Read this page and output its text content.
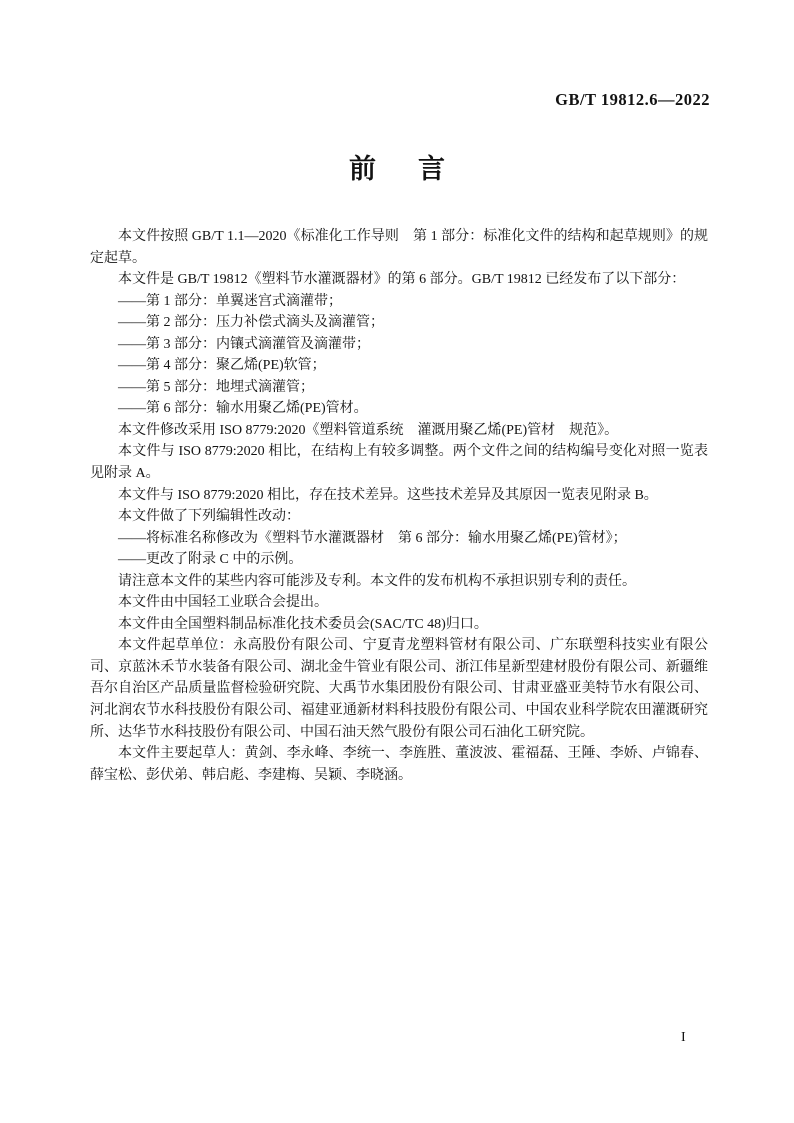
GB/T 19812.6—2022
前 言

本文件按照 GB/T 1.1—2020《标准化工作导则　第 1 部分：标准化文件的结构和起草规则》的规定起草。

本文件是 GB/T 19812《塑料节水灌溉器材》的第 6 部分。GB/T 19812 已经发布了以下部分：

——第 1 部分：单翼迷宫式滴灌带；

——第 2 部分：压力补偿式滴头及滴灌管；

——第 3 部分：内镶式滴灌管及滴灌带；

——第 4 部分：聚乙烯(PE)软管；

——第 5 部分：地埋式滴灌管；

——第 6 部分：输水用聚乙烯(PE)管材。

本文件修改采用 ISO 8779:2020《塑料管道系统　灌溉用聚乙烯(PE)管材　规范》。

本文件与 ISO 8779:2020 相比，在结构上有较多调整。两个文件之间的结构编号变化对照一览表见附录 A。

本文件与 ISO 8779:2020 相比，存在技术差异。这些技术差异及其原因一览表见附录 B。

本文件做了下列编辑性改动：

——将标准名称修改为《塑料节水灌溉器材　第 6 部分：输水用聚乙烯(PE)管材》；

——更改了附录 C 中的示例。

请注意本文件的某些内容可能涉及专利。本文件的发布机构不承担识别专利的责任。

本文件由中国轻工业联合会提出。

本文件由全国塑料制品标准化技术委员会(SAC/TC 48)归口。

本文件起草单位：永高股份有限公司、宁夏青龙塑料管材有限公司、广东联塑科技实业有限公司、京蓝沐禾节水装备有限公司、湖北金牛管业有限公司、浙江伟星新型建材股份有限公司、新疆维吾尔自治区产品质量监督检验研究院、大禹节水集团股份有限公司、甘肃亚盛亚美特节水有限公司、河北润农节水科技股份有限公司、福建亚通新材料科技股份有限公司、中国农业科学院农田灌溉研究所、达华节水科技股份有限公司、中国石油天然气股份有限公司石油化工研究院。

本文件主要起草人：黄剑、李永峰、李统一、李旌胜、董波波、霍福磊、王陲、李娇、卢锦春、薛宝松、彭伏弟、韩启彪、李建梅、吴颖、李晓涵。

I
